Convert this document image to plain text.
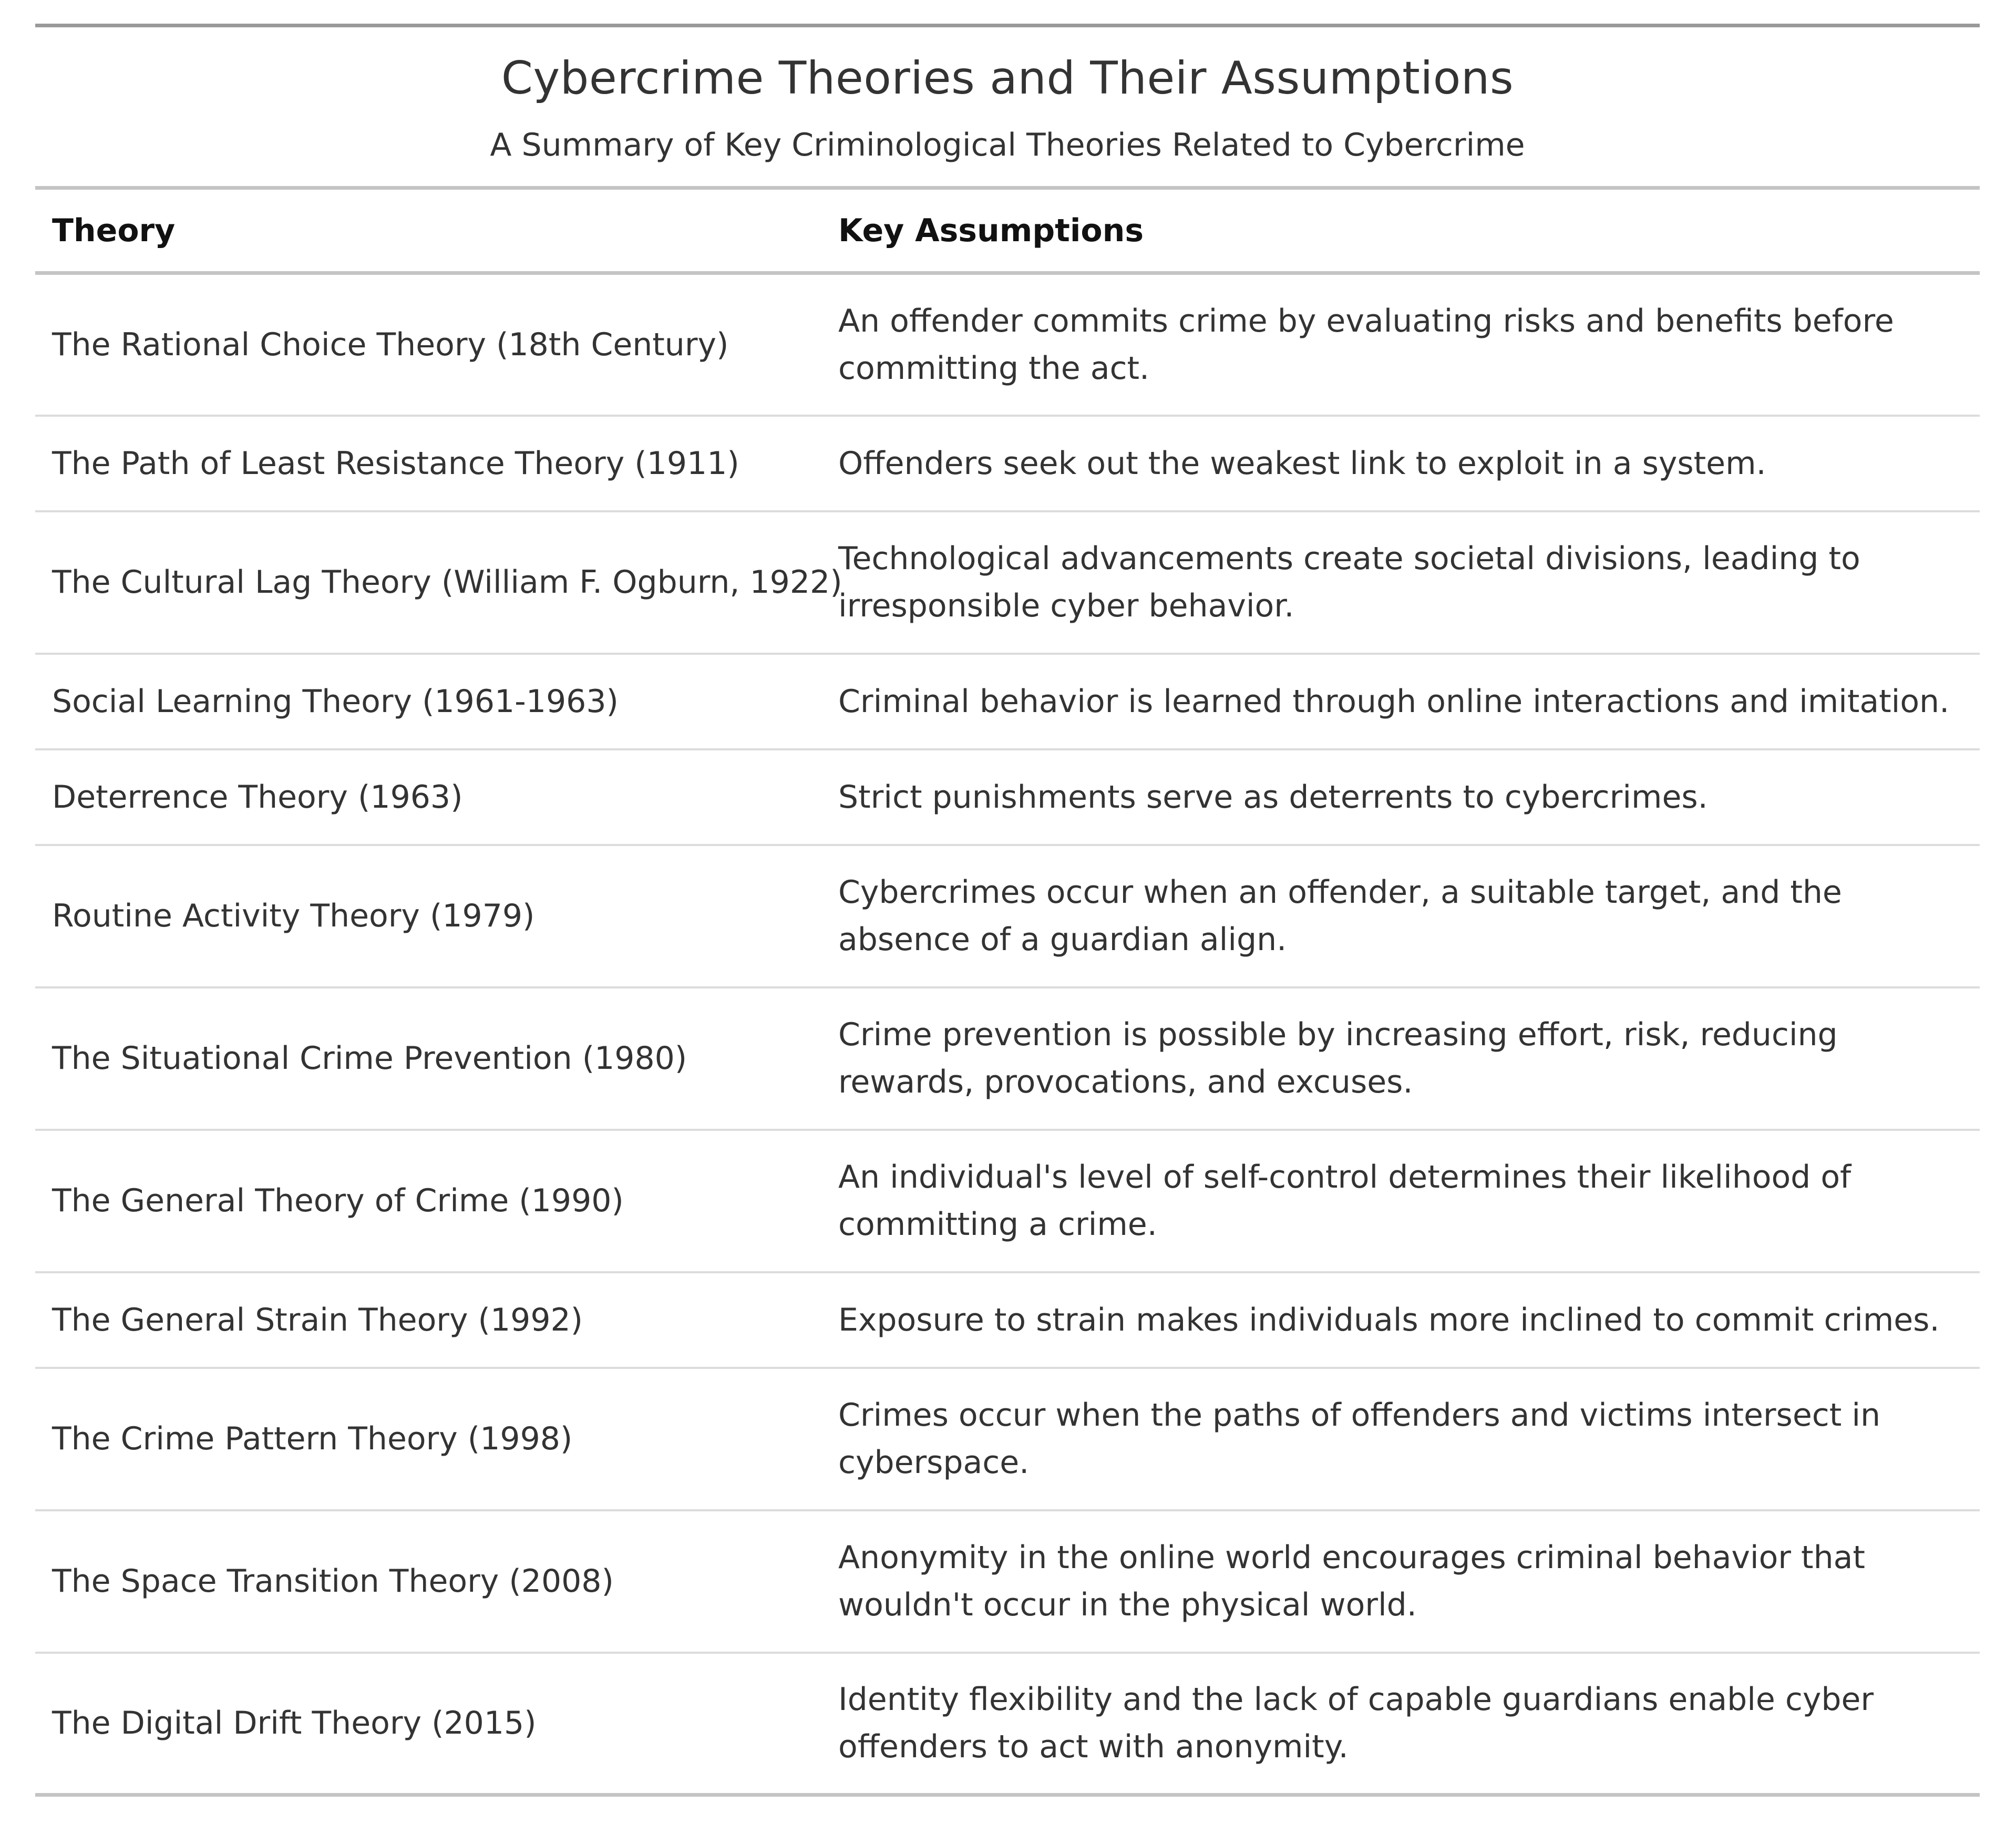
Cybercrime Theories and Their Assumptions
A Summary of Key Criminological Theories Related to Cybercrime
Theory	Key Assumptions
The Rational Choice Theory (18th Century)	An offender commits crime by evaluating risks and benefits before committing the act.
The Path of Least Resistance Theory (1911)	Offenders seek out the weakest link to exploit in a system.
The Cultural Lag Theory (William F. Ogburn, 1922)	Technological advancements create societal divisions, leading to irresponsible cyber behavior.
Social Learning Theory (1961-1963)	Criminal behavior is learned through online interactions and imitation.
Deterrence Theory (1963)	Strict punishments serve as deterrents to cybercrimes.
Routine Activity Theory (1979)	Cybercrimes occur when an offender, a suitable target, and the absence of a guardian align.
The Situational Crime Prevention (1980)	Crime prevention is possible by increasing effort, risk, reducing rewards, provocations, and excuses.
The General Theory of Crime (1990)	An individual's level of self-control determines their likelihood of committing a crime.
The General Strain Theory (1992)	Exposure to strain makes individuals more inclined to commit crimes.
The Crime Pattern Theory (1998)	Crimes occur when the paths of offenders and victims intersect in cyberspace.
The Space Transition Theory (2008)	Anonymity in the online world encourages criminal behavior that wouldn't occur in the physical world.
The Digital Drift Theory (2015)	Identity flexibility and the lack of capable guardians enable cyber offenders to act with anonymity.
